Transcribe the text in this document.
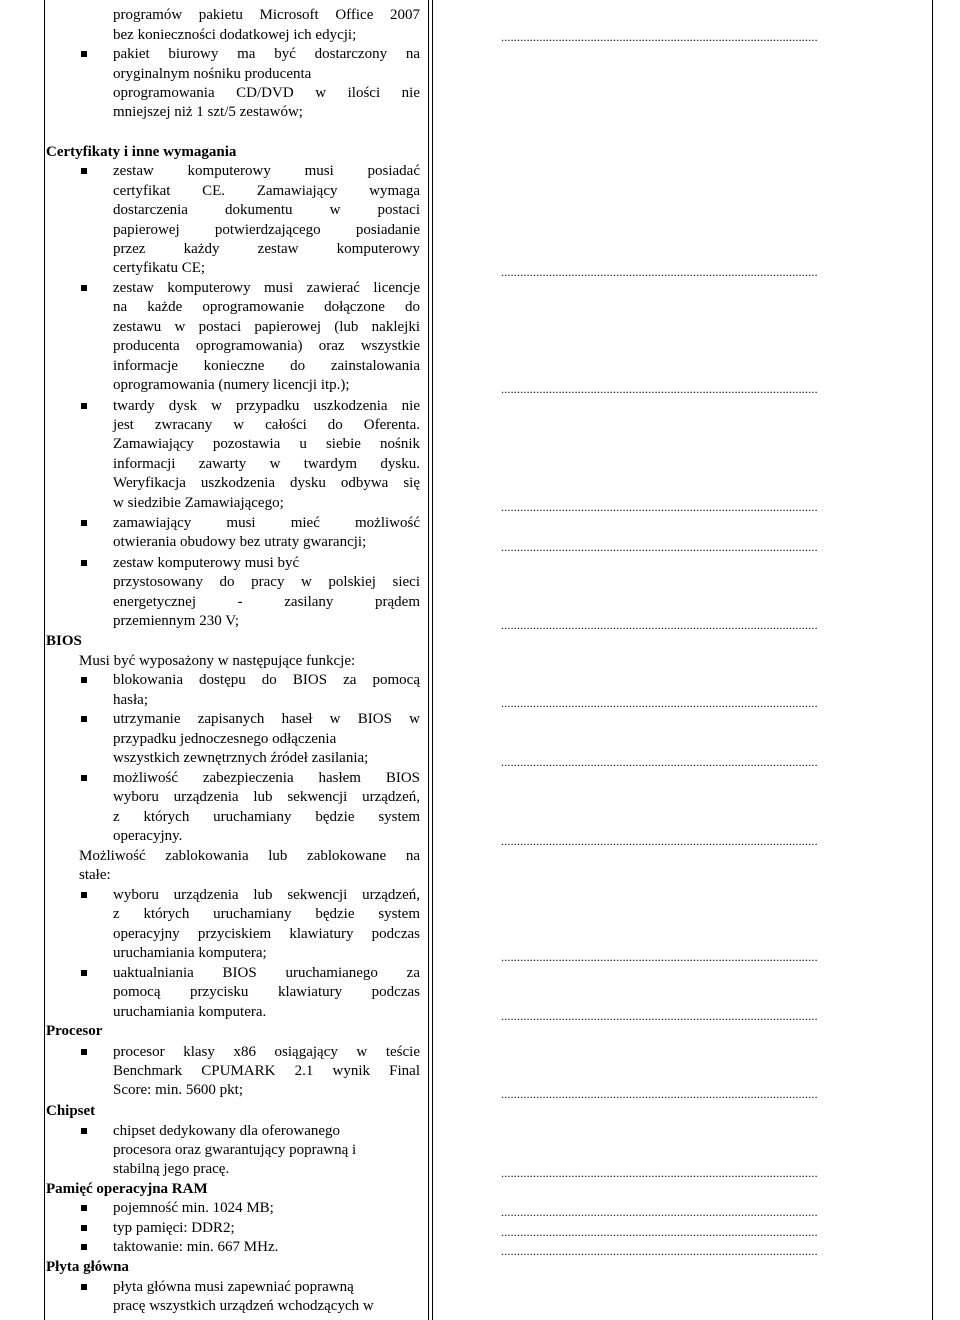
programów pakietu Microsoft Office 2007
bez konieczności dodatkowej ich edycji;
pakiet biurowy ma być dostarczony na
oryginalnym nośniku producenta
oprogramowania CD/DVD w ilości nie
mniejszej niż 1 szt/5 zestawów;
Certyfikaty i inne wymagania
zestaw komputerowy musi posiadać
certyfikat CE. Zamawiający wymaga
dostarczenia dokumentu w postaci
papierowej potwierdzającego posiadanie
przez każdy zestaw komputerowy
certyfikatu CE;
zestaw komputerowy musi zawierać licencje
na każde oprogramowanie dołączone do
zestawu w postaci papierowej (lub naklejki
producenta oprogramowania) oraz wszystkie
informacje konieczne do zainstalowania
oprogramowania (numery licencji itp.);
twardy dysk w przypadku uszkodzenia nie
jest zwracany w całości do Oferenta.
Zamawiający pozostawia u siebie nośnik
informacji zawarty w twardym dysku.
Weryfikacja uszkodzenia dysku odbywa się
w siedzibie Zamawiającego;
zamawiający musi mieć możliwość
otwierania obudowy bez utraty gwarancji;
zestaw komputerowy musi być
przystosowany do pracy w polskiej sieci
energetycznej - zasilany prądem
przemiennym 230 V;
BIOS
Musi być wyposażony w następujące funkcje:
blokowania dostępu do BIOS za pomocą
hasła;
utrzymanie zapisanych haseł w BIOS w
przypadku jednoczesnego odłączenia
wszystkich zewnętrznych źródeł zasilania;
możliwość zabezpieczenia hasłem BIOS
wyboru urządzenia lub sekwencji urządzeń,
z których uruchamiany będzie system
operacyjny.
Możliwość zablokowania lub zablokowane na
stałe:
wyboru urządzenia lub sekwencji urządzeń,
z których uruchamiany będzie system
operacyjny przyciskiem klawiatury podczas
uruchamiania komputera;
uaktualniania BIOS uruchamianego za
pomocą przycisku klawiatury podczas
uruchamiania komputera.
Procesor
procesor klasy x86 osiągający w teście
Benchmark CPUMARK 2.1 wynik Final
Score: min. 5600 pkt;
Chipset
chipset dedykowany dla oferowanego
procesora oraz gwarantujący poprawną i
stabilną jego pracę.
Pamięć operacyjna RAM
pojemność min. 1024 MB;
typ pamięci: DDR2;
taktowanie: min. 667 MHz.
Płyta główna
płyta główna musi zapewniać poprawną
pracę wszystkich urządzeń wchodzących w
.....
.....
.....
.....
.....
.....
.....
.....
.....
.....
.....
.....
.....
.....
.....
.....
